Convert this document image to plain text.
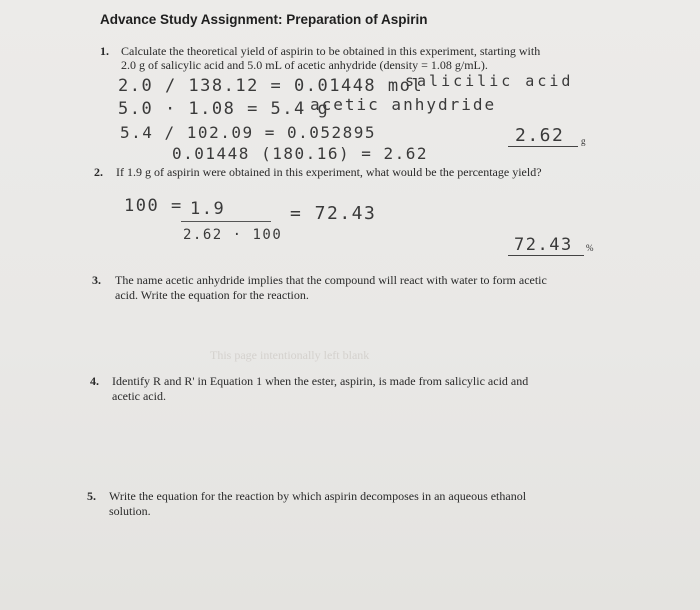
Advance Study Assignment: Preparation of Aspirin
1. Calculate the theoretical yield of aspirin to be obtained in this experiment, starting with
2.0 g of salicylic acid and 5.0 mL of acetic anhydride (density = 1.08 g/mL).
2.0 / 138.12 = 0.01448 mol
salicilic acid
5.0 · 1.08 = 5.4 g
acetic anhydride
5.4 / 102.09 = 0.052895
0.01448 (180.16) = 2.62
2.62 g
2. If 1.9 g of aspirin were obtained in this experiment, what would be the percentage yield?
100 = 1.9
2.62 · 100
= 72.43
72.43 %
3. The name acetic anhydride implies that the compound will react with water to form acetic
acid. Write the equation for the reaction.
This page intentionally left blank
4. Identify R and R' in Equation 1 when the ester, aspirin, is made from salicylic acid and
acetic acid.
5. Write the equation for the reaction by which aspirin decomposes in an aqueous ethanol
solution.
